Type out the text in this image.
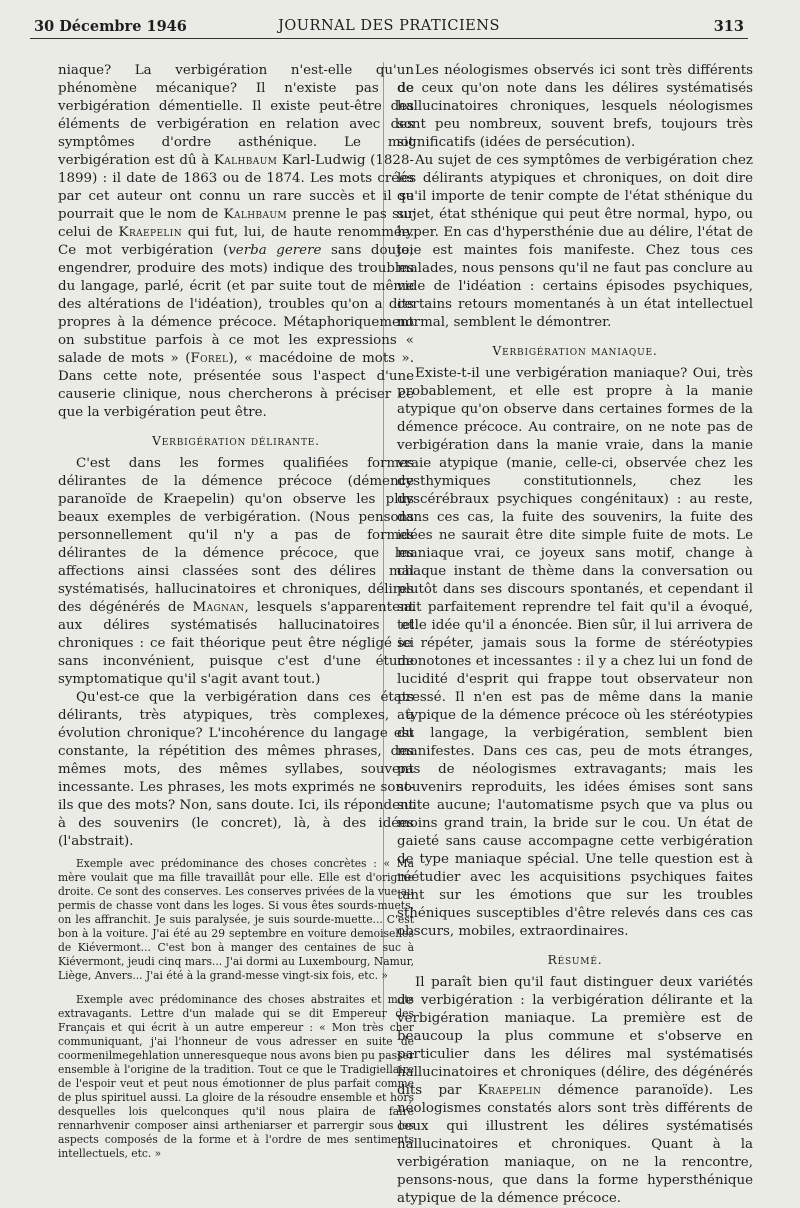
30 Décembre 1946	JOURNAL DES PRATICIENS	313

niaque? La verbigération n'est-elle qu'un phénomène mécanique? Il n'existe pas de verbigération démentielle. Il existe peut-être des éléments de verbigération en relation avec des symptômes d'ordre asthénique. Le mot verbigération est dû à Kalhbaum Karl-Ludwig (1828-1899) : il date de 1863 ou de 1874. Les mots créés par cet auteur ont connu un rare succès et il se pourrait que le nom de Kalhbaum prenne le pas sur celui de Kraepelin qui fut, lui, de haute renommée. Ce mot verbigération (verba gerere sans doute; engendrer, produire des mots) indique des troubles du langage, parlé, écrit (et par suite tout de même des altérations de l'idéation), troubles qu'on a dits propres à la démence précoce. Métaphoriquement on substitue parfois à ce mot les expressions « salade de mots » (Forel), « macédoine de mots ». Dans cette note, présentée sous l'aspect d'une causerie clinique, nous chercherons à préciser ce que la verbigération peut être.

Verbigération délirante.

C'est dans les formes qualifiées formes délirantes de la démence précoce (démence paranoïde de Kraepelin) qu'on observe les plus beaux exemples de verbigération. (Nous pensons personnellement qu'il n'y a pas de formes délirantes de la démence précoce, que les affections ainsi classées sont des délires mal systématisés, hallucinatoires et chroniques, délires des dégénérés de Magnan, lesquels s'apparentent aux délires systématisés hallucinatoires et chroniques : ce fait théorique peut être négligé ici sans inconvénient, puisque c'est d'une étude symptomatique qu'il s'agit avant tout.)

Qu'est-ce que la verbigération dans ces états délirants, très atypiques, très complexes, à évolution chronique? L'incohérence du langage est constante, la répétition des mêmes phrases, des mêmes mots, des mêmes syllabes, souvent incessante. Les phrases, les mots exprimés ne sont-ils que des mots? Non, sans doute. Ici, ils répondent à des souvenirs (le concret), là, à des idées (l'abstrait).

Exemple avec prédominance des choses concrètes : « Ma mère voulait que ma fille travaillât pour elle. Elle est d'origine droite. Ce sont des conserves. Les conserves privées de la vue au permis de chasse vont dans les loges. Si vous êtes sourds-muets, on les affranchit. Je suis paralysée, je suis sourde-muette... C'est bon à la voiture. J'ai été au 29 septembre en voiture demoiselles de Kiévermont... C'est bon à manger des centaines de suc à Kiévermont, jeudi cinq mars... J'ai dormi au Luxembourg, Namur, Liège, Anvers... J'ai été à la grand-messe vingt-six fois, etc. »

Exemple avec prédominance des choses abstraites et mots extravagants. Lettre d'un malade qui se dit Empereur des Français et qui écrit à un autre empereur : « Mon très cher communiquant, j'ai l'honneur de vous adresser en suite de coormenilmegehlation unneresqueque nous avons bien pu passer ensemble à l'origine de la tradition. Tout ce que le Tradigiellaire de l'espoir veut et peut nous émotionner de plus parfait comme de plus spirituel aussi. La gloire de la résoudre ensemble et hors desquelles lois quelconques qu'il nous plaira de faire rennarhvenir composer ainsi artheniarser et parrergir sous les aspects composés de la forme et à l'ordre de mes sentiments intellectuels, etc. »

Les néologismes observés ici sont très différents de ceux qu'on note dans les délires systématisés hallucinatoires chroniques, lesquels néologismes sont peu nombreux, souvent brefs, toujours très significatifs (idées de persécution).

Au sujet de ces symptômes de verbigération chez les délirants atypiques et chroniques, on doit dire qu'il importe de tenir compte de l'état sthénique du sujet, état sthénique qui peut être normal, hypo, ou hyper. En cas d'hypersthénie due au délire, l'état de joie est maintes fois manifeste. Chez tous ces malades, nous pensons qu'il ne faut pas conclure au vide de l'idéation : certains épisodes psychiques, certains retours momentanés à un état intellectuel normal, semblent le démontrer.

Verbigération maniaque.

Existe-t-il une verbigération maniaque? Oui, très probablement, et elle est propre à la manie atypique qu'on observe dans certaines formes de la démence précoce. Au contraire, on ne note pas de verbigération dans la manie vraie, dans la manie vraie atypique (manie, celle-ci, observée chez les dysthymiques constitutionnels, chez les dyscérébraux psychiques congénitaux) : au reste, dans ces cas, la fuite des souvenirs, la fuite des idées ne saurait être dite simple fuite de mots. Le maniaque vrai, ce joyeux sans motif, change à chaque instant de thème dans la conversation ou plutôt dans ses discours spontanés, et cependant il sait parfaitement reprendre tel fait qu'il a évoqué, telle idée qu'il a énoncée. Bien sûr, il lui arrivera de se répéter, jamais sous la forme de stéréotypies monotones et incessantes : il y a chez lui un fond de lucidité d'esprit qui frappe tout observateur non pressé. Il n'en est pas de même dans la manie atypique de la démence précoce où les stéréotypies du langage, la verbigération, semblent bien manifestes. Dans ces cas, peu de mots étranges, pas de néologismes extravagants; mais les souvenirs reproduits, les idées émises sont sans suite aucune; l'automatisme psych que va plus ou moins grand train, la bride sur le cou. Un état de gaieté sans cause accompagne cette verbigération de type maniaque spécial. Une telle question est à réétudier avec les acquisitions psychiques faites tant sur les émotions que sur les troubles sthéniques susceptibles d'être relevés dans ces cas obscurs, mobiles, extraordinaires.

Résumé.

Il paraît bien qu'il faut distinguer deux variétés de verbigération : la verbigération délirante et la verbigération maniaque. La première est de beaucoup la plus commune et s'observe en particulier dans les délires mal systématisés hallucinatoires et chroniques (délire, des dégénérés dits par Kraepelin démence paranoïde). Les néologismes constatés alors sont très différents de ceux qui illustrent les délires systématisés hallucinatoires et chroniques. Quant à la verbigération maniaque, on ne la rencontre, pensons-nous, que dans la forme hypersthénique atypique de la démence précoce.
